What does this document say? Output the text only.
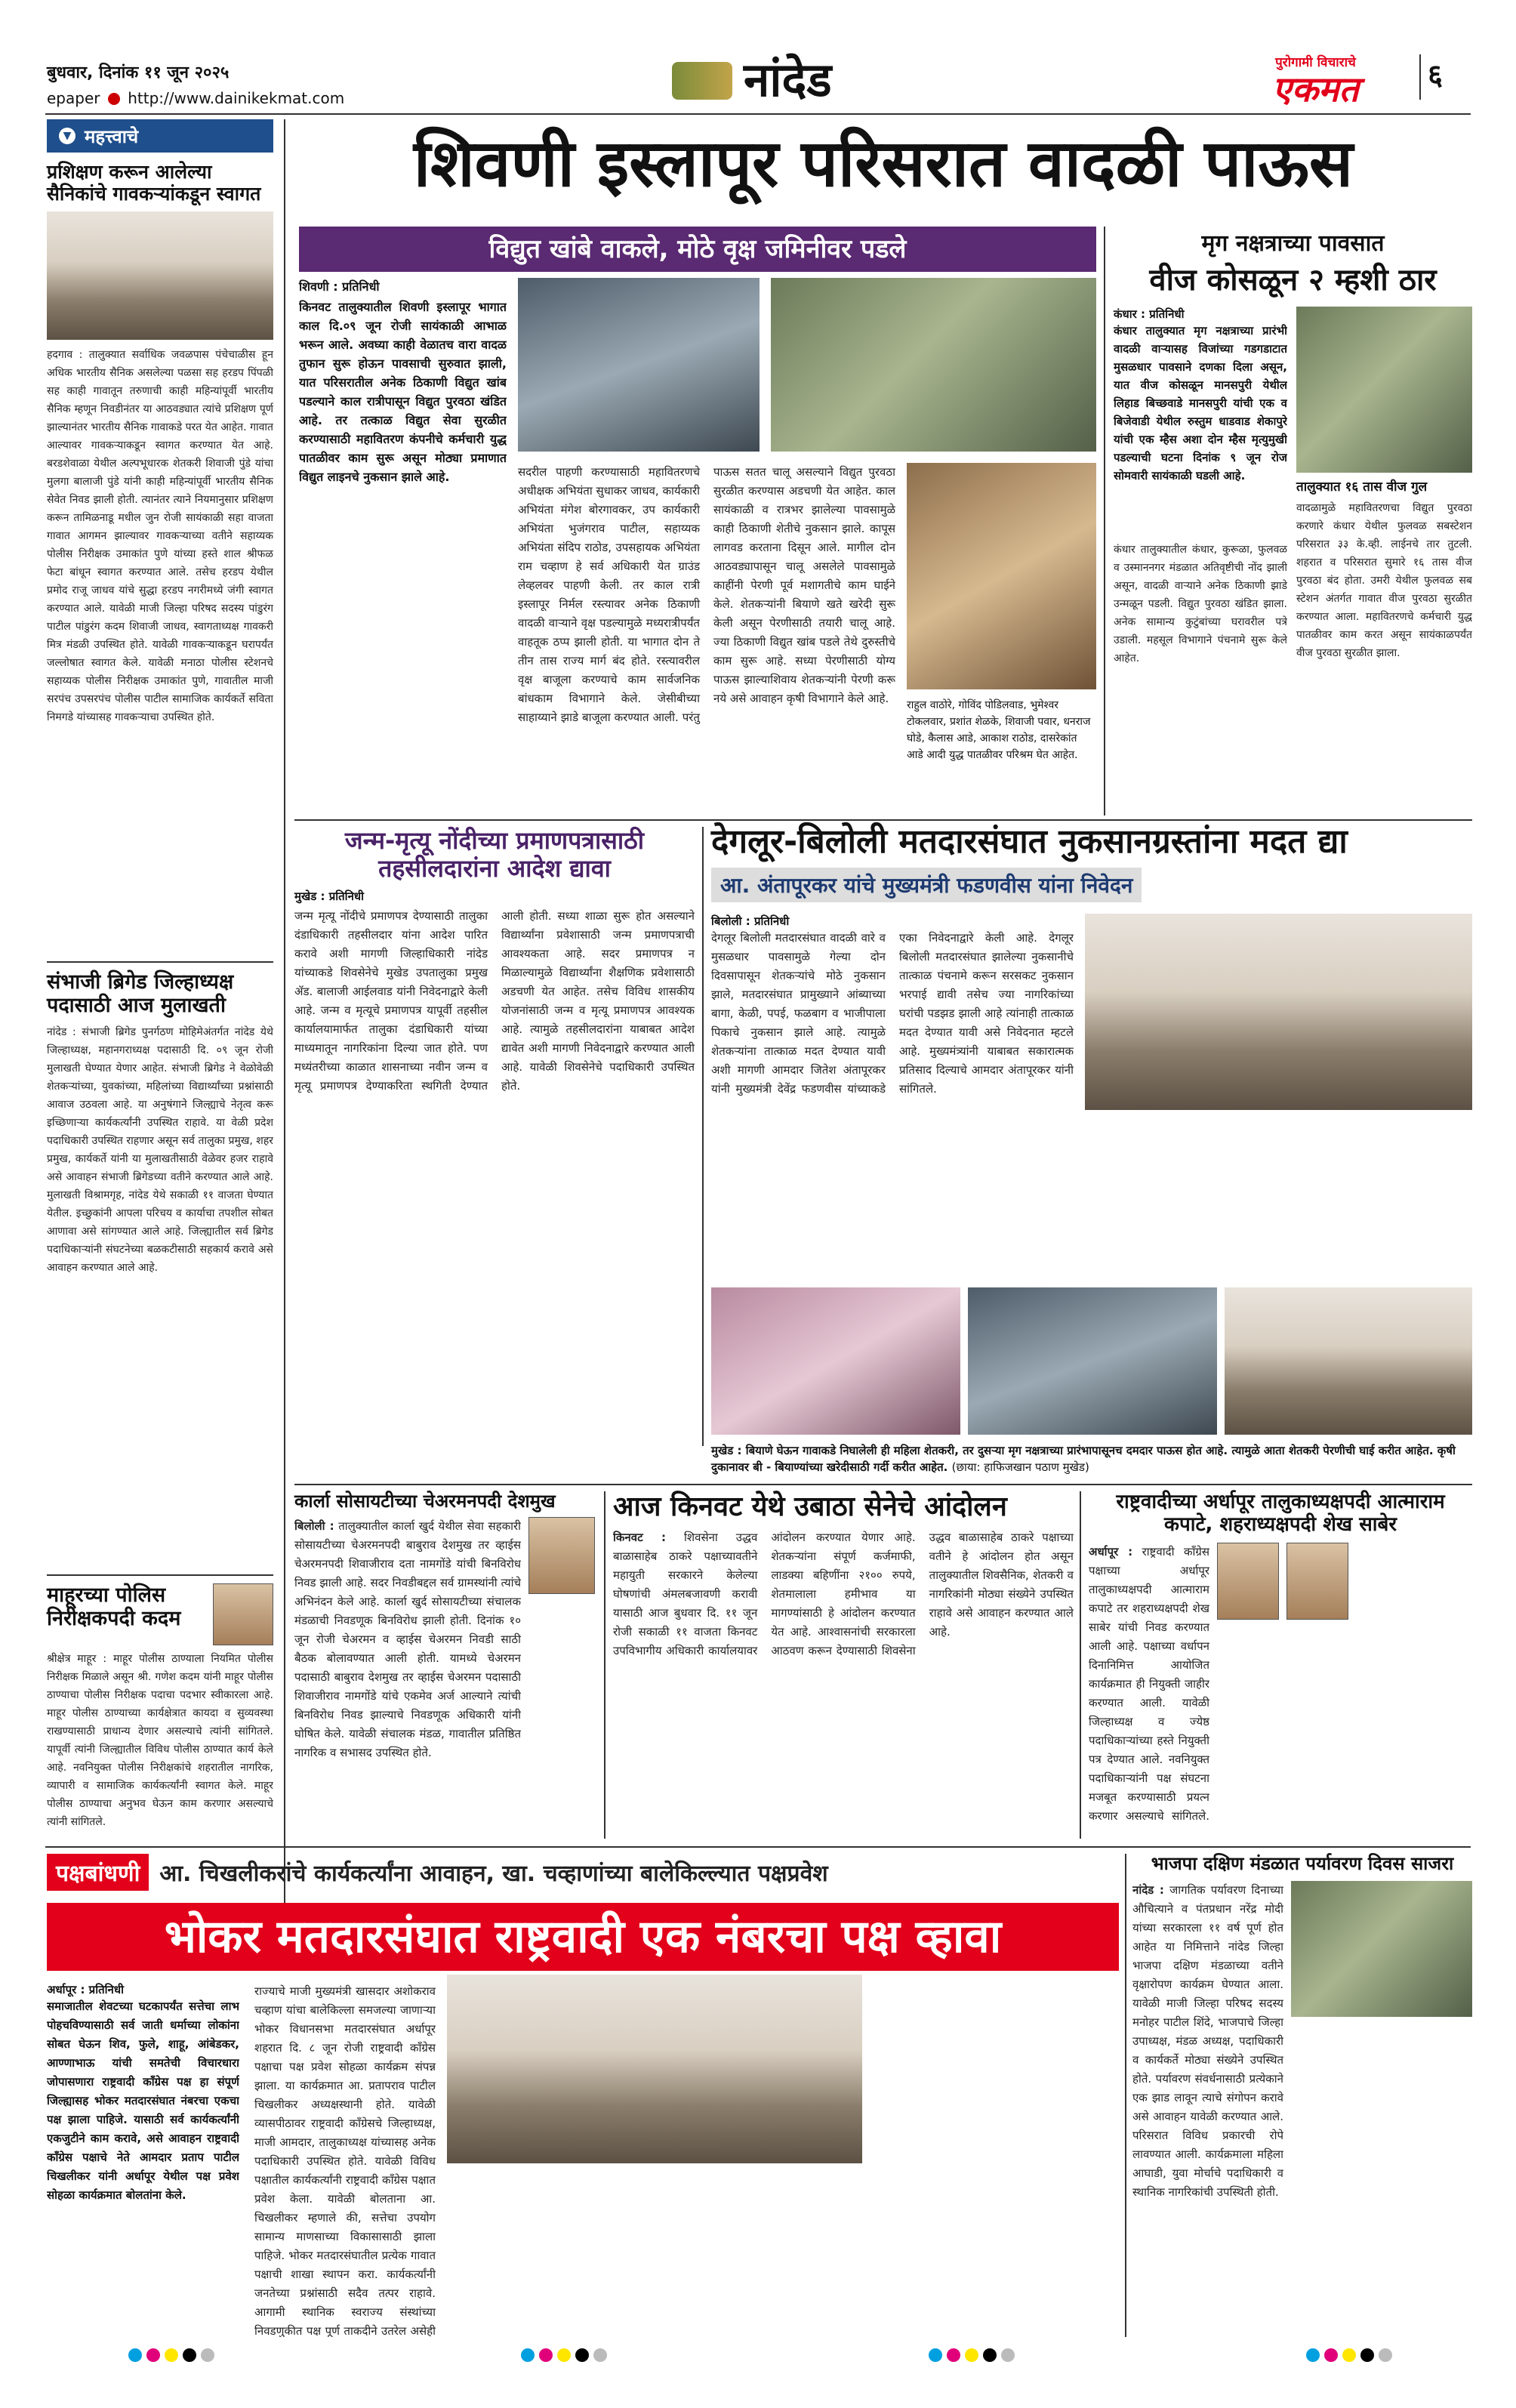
बुधवार, दिनांक ११ जून २०२५
epaper http://www.dainikekmat.com	नांदेड	पुरोगामी विचाराचे
एकमत	६
▼ महत्त्वाचे
प्रशिक्षण करून आलेल्या सैनिकांचे गावकऱ्यांकडून स्वागत
हदगाव : तालुक्यात सर्वाधिक जवळपास पंचेचाळीस हून अधिक भारतीय सैनिक असलेल्या पळसा सह हरडप पिंपळी सह काही गावातून तरुणाची काही महिन्यांपूर्वी भारतीय सैनिक म्हणून निवडीनंतर या आठवड्यात त्यांचे प्रशिक्षण पूर्ण झाल्यानंतर भारतीय सैनिक गावाकडे परत येत आहेत. गावात आल्यावर गावकऱ्याकडून स्वागत करण्यात येत आहे. बरडशेवाळा येथील अल्पभूधारक शेतकरी शिवाजी पुंडे यांचा मुलगा बालाजी पुंडे यांनी काही महिन्यांपूर्वी भारतीय सैनिक सेवेत निवड झाली होती. त्यानंतर त्याने नियमानुसार प्रशिक्षण करून तामिळनाडू मधील जुन रोजी सायंकाळी सहा वाजता गावात आगमन झाल्यावर गावकऱ्याच्या वतीने सहाय्यक पोलीस निरीक्षक उमाकांत पुणे यांच्या हस्ते शाल श्रीफळ फेटा बांधून स्वागत करण्यात आले. तसेच हरडप येथील प्रमोद राजू जाधव यांचे सुद्धा हरडप नगरीमध्ये जंगी स्वागत करण्यात आले. यावेळी माजी जिल्हा परिषद सदस्य पांडुरंग पाटील पांडुरंग कदम शिवाजी जाधव, स्वागताध्यक्ष गावकरी मित्र मंडळी उपस्थित होते. यावेळी गावकऱ्याकडून घरापर्यंत जल्लोषात स्वागत केले. यावेळी मनाठा पोलीस स्टेशनचे सहाय्यक पोलीस निरीक्षक उमाकांत पुणे, गावातील माजी सरपंच उपसरपंच पोलीस पाटील सामाजिक कार्यकर्ते सविता निमगडे यांच्यासह गावकऱ्याचा उपस्थित होते.
संभाजी ब्रिगेड जिल्हाध्यक्ष पदासाठी आज मुलाखती
नांदेड : संभाजी ब्रिगेड पुनर्गठण मोहिमेअंतर्गत नांदेड येथे जिल्हाध्यक्ष, महानगराध्यक्ष पदासाठी दि. ०९ जून रोजी मुलाखती घेण्यात येणार आहेत. संभाजी ब्रिगेड ने वेळोवेळी शेतकऱ्यांच्या, युवकांच्या, महिलांच्या विद्यार्थ्यांच्या प्रश्नांसाठी आवाज उठवला आहे. या अनुषंगाने जिल्ह्याचे नेतृत्व करू इच्छिणाऱ्या कार्यकर्त्यांनी उपस्थित राहावे. या वेळी प्रदेश पदाधिकारी उपस्थित राहणार असून सर्व तालुका प्रमुख, शहर प्रमुख, कार्यकर्ते यांनी या मुलाखतीसाठी वेळेवर हजर राहावे असे आवाहन संभाजी ब्रिगेडच्या वतीने करण्यात आले आहे. मुलाखती विश्रामगृह, नांदेड येथे सकाळी ११ वाजता घेण्यात येतील. इच्छुकांनी आपला परिचय व कार्याचा तपशील सोबत आणावा असे सांगण्यात आले आहे. जिल्ह्यातील सर्व ब्रिगेड पदाधिकाऱ्यांनी संघटनेच्या बळकटीसाठी सहकार्य करावे असे आवाहन करण्यात आले आहे.
माहूरच्या पोलिस निरीक्षकपदी कदम
श्रीक्षेत्र माहूर : माहूर पोलीस ठाण्याला नियमित पोलीस निरीक्षक मिळाले असून श्री. गणेश कदम यांनी माहूर पोलीस ठाण्याचा पोलीस निरीक्षक पदाचा पदभार स्वीकारला आहे. माहूर पोलीस ठाण्याच्या कार्यक्षेत्रात कायदा व सुव्यवस्था राखण्यासाठी प्राधान्य देणार असल्याचे त्यांनी सांगितले. यापूर्वी त्यांनी जिल्ह्यातील विविध पोलीस ठाण्यात कार्य केले आहे. नवनियुक्त पोलीस निरीक्षकांचे शहरातील नागरिक, व्यापारी व सामाजिक कार्यकर्त्यांनी स्वागत केले. माहूर पोलीस ठाण्याचा अनुभव घेऊन काम करणार असल्याचे त्यांनी सांगितले.
शिवणी इस्लापूर परिसरात वादळी पाऊस
विद्युत खांबे वाकले, मोठे वृक्ष जमिनीवर पडले
शिवणी : प्रतिनिधी
किनवट तालुक्यातील शिवणी इस्लापूर भागात काल दि.०९ जून रोजी सायंकाळी आभाळ भरून आले. अवघ्या काही वेळातच वारा वादळ तुफान सुरू होऊन पावसाची सुरुवात झाली, यात परिसरातील अनेक ठिकाणी विद्युत खांब पडल्याने काल रात्रीपासून विद्युत पुरवठा खंडित आहे. तर तत्काळ विद्युत सेवा सुरळीत करण्यासाठी महावितरण कंपनीचे कर्मचारी युद्ध पातळीवर काम सुरू असून मोठ्या प्रमाणात विद्युत लाइनचे नुकसान झाले आहे.	सदरील पाहणी करण्यासाठी महावितरणचे अधीक्षक अभियंता सुधाकर जाधव, कार्यकारी अभियंता मंगेश बोरगावकर, उप कार्यकारी अभियंता भुजंगराव पाटील, सहाय्यक अभियंता संदिप राठोड, उपसहायक अभियंता राम चव्हाण हे सर्व अधिकारी येत ग्राउंड लेव्हलवर पाहणी केली. तर काल रात्री इस्लापूर निर्मल रस्त्यावर अनेक ठिकाणी वादळी वाऱ्याने वृक्ष पडल्यामुळे मध्यरात्रीपर्यंत वाहतूक ठप्प झाली होती. या भागात दोन ते तीन तास राज्य मार्ग बंद होते. रस्त्यावरील वृक्ष बाजूला करण्याचे काम सार्वजनिक बांधकाम विभागाने केले. जेसीबीच्या साहाय्याने झाडे बाजूला करण्यात आली. परंतु पाऊस सतत चालू असल्याने विद्युत पुरवठा सुरळीत करण्यास अडचणी येत आहेत. काल सायंकाळी व रात्रभर झालेल्या पावसामुळे काही ठिकाणी शेतीचे नुकसान झाले. कापूस लागवड करताना दिसून आले. मागील दोन आठवड्यापासून चालू असलेले पावसामुळे काहींनी पेरणी पूर्व मशागतीचे काम घाईने केले. शेतकऱ्यांनी बियाणे खते खरेदी सुरू केली असून पेरणीसाठी तयारी चालू आहे. ज्या ठिकाणी विद्युत खांब पडले तेथे दुरुस्तीचे काम सुरू आहे. सध्या पेरणीसाठी योग्य पाऊस झाल्याशिवाय शेतकऱ्यांनी पेरणी करू नये असे आवाहन कृषी विभागाने केले आहे.	राहुल वाठोरे, गोविंद पोडिलवाड, भुमेश्वर टोकलवार, प्रशांत शेळके, शिवाजी पवार, धनराज घोडे, कैलास आडे, आकाश राठोड, दासरेकांत आडे आदी युद्ध पातळीवर परिश्रम घेत आहेत.
मृग नक्षत्राच्या पावसात
वीज कोसळून २ म्हशी ठार
कंधार : प्रतिनिधी
कंधार तालुक्यात मृग नक्षत्राच्या प्रारंभी वादळी वाऱ्यासह विजांच्या गडगडाटात मुसळधार पावसाने दणका दिला असून, यात वीज कोसळून मानसपुरी येथील लिहाड बिच्छवाडे मानसपुरी यांची एक व बिजेवाडी येथील रुस्तुम धाडवाड शेकापुरे यांची एक म्हैस अशा दोन म्हैस मृत्युमुखी पडल्याची घटना दिनांक ९ जून रोज सोमवारी सायंकाळी घडली आहे.
कंधार तालुक्यातील कंधार, कुरूळा, फुलवळ व उस्माननगर मंडळात अतिवृष्टीची नोंद झाली असून, वादळी वाऱ्याने अनेक ठिकाणी झाडे उन्मळून पडली. विद्युत पुरवठा खंडित झाला. अनेक सामान्य कुटुंबांच्या घरावरील पत्रे उडाली. महसूल विभागाने पंचनामे सुरू केले आहेत.
तालुक्यात १६ तास वीज गुल
वादळामुळे महावितरणचा विद्युत पुरवठा करणारे कंधार येथील फुलवळ सबस्टेशन परिसरात ३३ के.व्ही. लाईनचे तार तुटली. शहरात व परिसरात सुमारे १६ तास वीज पुरवठा बंद होता. उमरी येथील फुलवळ सब स्टेशन अंतर्गत गावात वीज पुरवठा सुरळीत करण्यात आला. महावितरणचे कर्मचारी युद्ध पातळीवर काम करत असून सायंकाळपर्यंत वीज पुरवठा सुरळीत झाला.
जन्म-मृत्यू नोंदीच्या प्रमाणपत्रासाठी तहसीलदारांना आदेश द्यावा
मुखेड : प्रतिनिधी
जन्म मृत्यू नोंदीचे प्रमाणपत्र देण्यासाठी तालुका दंडाधिकारी तहसीलदार यांना आदेश पारित करावे अशी मागणी जिल्हाधिकारी नांदेड यांच्याकडे शिवसेनेचे मुखेड उपतालुका प्रमुख ॲड. बालाजी आईलवाड यांनी निवेदनाद्वारे केली आहे. जन्म व मृत्यूचे प्रमाणपत्र यापूर्वी तहसील कार्यालयामार्फत तालुका दंडाधिकारी यांच्या माध्यमातून नागरिकांना दिल्या जात होते. पण मध्यंतरीच्या काळात शासनाच्या नवीन जन्म व मृत्यू प्रमाणपत्र देण्याकरिता स्थगिती देण्यात आली होती. सध्या शाळा सुरू होत असल्याने विद्यार्थ्यांना प्रवेशासाठी जन्म प्रमाणपत्राची आवश्यकता आहे. सदर प्रमाणपत्र न मिळाल्यामुळे विद्यार्थ्यांना शैक्षणिक प्रवेशासाठी अडचणी येत आहेत. तसेच विविध शासकीय योजनांसाठी जन्म व मृत्यू प्रमाणपत्र आवश्यक आहे. त्यामुळे तहसीलदारांना याबाबत आदेश द्यावेत अशी मागणी निवेदनाद्वारे करण्यात आली आहे. यावेळी शिवसेनेचे पदाधिकारी उपस्थित होते.
देगलूर-बिलोली मतदारसंघात नुकसानग्रस्तांना मदत द्या
आ. अंतापूरकर यांचे मुख्यमंत्री फडणवीस यांना निवेदन
बिलोली : प्रतिनिधी
देगलूर बिलोली मतदारसंघात वादळी वारे व मुसळधार पावसामुळे गेल्या दोन दिवसापासून शेतकऱ्यांचे मोठे नुकसान झाले, मतदारसंघात प्रामुख्याने आंब्याच्या बागा, केळी, पपई, फळबाग व भाजीपाला पिकाचे नुकसान झाले आहे. त्यामुळे शेतकऱ्यांना तात्काळ मदत देण्यात यावी अशी मागणी आमदार जितेश अंतापूरकर यांनी मुख्यमंत्री देवेंद्र फडणवीस यांच्याकडे एका निवेदनाद्वारे केली आहे. देगलूर बिलोली मतदारसंघात झालेल्या नुकसानीचे तात्काळ पंचनामे करून सरसकट नुकसान भरपाई द्यावी तसेच ज्या नागरिकांच्या घरांची पडझड झाली आहे त्यांनाही तात्काळ मदत देण्यात यावी असे निवेदनात म्हटले आहे. मुख्यमंत्र्यांनी याबाबत सकारात्मक प्रतिसाद दिल्याचे आमदार अंतापूरकर यांनी सांगितले.
मुखेड : बियाणे घेऊन गावाकडे निघालेली ही महिला शेतकरी, तर दुसऱ्या मृग नक्षत्राच्या प्रारंभापासूनच दमदार पाऊस होत आहे. त्यामुळे आता शेतकरी पेरणीची घाई करीत आहेत. कृषी दुकानावर बी - बियाण्यांच्या खरेदीसाठी गर्दी करीत आहेत. (छाया: हाफिजखान पठाण मुखेड)
कार्ला सोसायटीच्या चेअरमनपदी देशमुख
बिलोली : तालुक्यातील कार्ला खुर्द येथील सेवा सहकारी सोसायटीच्या चेअरमनपदी बाबुराव देशमुख तर व्हाईस चेअरमनपदी शिवाजीराव दता नामगोंडे यांची बिनविरोध निवड झाली आहे. सदर निवडीबद्दल सर्व ग्रामस्थांनी त्यांचे अभिनंदन केले आहे. कार्ला खुर्द सोसायटीच्या संचालक मंडळाची निवडणूक बिनविरोध झाली होती. दिनांक १० जून रोजी चेअरमन व व्हाईस चेअरमन निवडी साठी बैठक बोलावण्यात आली होती. यामध्ये चेअरमन पदासाठी बाबुराव देशमुख तर व्हाईस चेअरमन पदासाठी शिवाजीराव नामगोंडे यांचे एकमेव अर्ज आल्याने त्यांची बिनविरोध निवड झाल्याचे निवडणूक अधिकारी यांनी घोषित केले. यावेळी संचालक मंडळ, गावातील प्रतिष्ठित नागरिक व सभासद उपस्थित होते.
आज किनवट येथे उबाठा सेनेचे आंदोलन
किनवट : शिवसेना उद्धव बाळासाहेब ठाकरे पक्षाच्यावतीने महायुती सरकारने केलेल्या घोषणांची अंमलबजावणी करावी यासाठी आज बुधवार दि. ११ जून रोजी सकाळी ११ वाजता किनवट उपविभागीय अधिकारी कार्यालयावर आंदोलन करण्यात येणार आहे. शेतकऱ्यांना संपूर्ण कर्जमाफी, लाडक्या बहिणींना २१०० रुपये, शेतमालाला हमीभाव या मागण्यांसाठी हे आंदोलन करण्यात येत आहे. आश्वासनांची सरकारला आठवण करून देण्यासाठी शिवसेना उद्धव बाळासाहेब ठाकरे पक्षाच्या वतीने हे आंदोलन होत असून तालुक्यातील शिवसैनिक, शेतकरी व नागरिकांनी मोठ्या संख्येने उपस्थित राहावे असे आवाहन करण्यात आले आहे.
राष्ट्रवादीच्या अर्धापूर तालुकाध्यक्षपदी आत्माराम कपाटे, शहराध्यक्षपदी शेख साबेर
अर्धापूर : राष्ट्रवादी काँग्रेस पक्षाच्या अर्धापूर तालुकाध्यक्षपदी आत्माराम कपाटे तर शहराध्यक्षपदी शेख साबेर यांची निवड करण्यात आली आहे. पक्षाच्या वर्धापन दिनानिमित्त आयोजित कार्यक्रमात ही नियुक्ती जाहीर करण्यात आली. यावेळी जिल्हाध्यक्ष व ज्येष्ठ पदाधिकाऱ्यांच्या हस्ते नियुक्ती पत्र देण्यात आले. नवनियुक्त पदाधिकाऱ्यांनी पक्ष संघटना मजबूत करण्यासाठी प्रयत्न करणार असल्याचे सांगितले.
पक्षबांधणी आ. चिखलीकरांचे कार्यकर्त्यांना आवाहन, खा. चव्हाणांच्या बालेकिल्ल्यात पक्षप्रवेश
भोकर मतदारसंघात राष्ट्रवादी एक नंबरचा पक्ष व्हावा
अर्धापूर : प्रतिनिधी
समाजातील शेवटच्या घटकापर्यंत सत्तेचा लाभ पोहचविण्यासाठी सर्व जाती धर्माच्या लोकांना सोबत घेऊन शिव, फुले, शाहू, आंबेडकर, आण्णाभाऊ यांची समतेची विचारधारा जोपासणारा राष्ट्रवादी काँग्रेस पक्ष हा संपूर्ण जिल्ह्यासह भोकर मतदारसंघात नंबरचा एकचा पक्ष झाला पाहिजे. यासाठी सर्व कार्यकर्त्यांनी एकजुटीने काम करावे, असे आवाहन राष्ट्रवादी काँग्रेस पक्षाचे नेते आमदार प्रताप पाटील चिखलीकर यांनी अर्धापूर येथील पक्ष प्रवेश सोहळा कार्यक्रमात बोलतांना केले.
राज्याचे माजी मुख्यमंत्री खासदार अशोकराव चव्हाण यांचा बालेकिल्ला समजल्या जाणाऱ्या भोकर विधानसभा मतदारसंघात अर्धापूर शहरात दि. ८ जून रोजी राष्ट्रवादी काँग्रेस पक्षाचा पक्ष प्रवेश सोहळा कार्यक्रम संपन्न झाला. या कार्यक्रमात आ. प्रतापराव पाटील चिखलीकर अध्यक्षस्थानी होते. यावेळी व्यासपीठावर राष्ट्रवादी काँग्रेसचे जिल्हाध्यक्ष, माजी आमदार, तालुकाध्यक्ष यांच्यासह अनेक पदाधिकारी उपस्थित होते. यावेळी विविध पक्षातील कार्यकर्त्यांनी राष्ट्रवादी काँग्रेस पक्षात प्रवेश केला. यावेळी बोलताना आ. चिखलीकर म्हणाले की, सत्तेचा उपयोग सामान्य माणसाच्या विकासासाठी झाला पाहिजे. भोकर मतदारसंघातील प्रत्येक गावात पक्षाची शाखा स्थापन करा. कार्यकर्त्यांनी जनतेच्या प्रश्नांसाठी सदैव तत्पर राहावे. आगामी स्थानिक स्वराज्य संस्थांच्या निवडणुकीत पक्ष पूर्ण ताकदीने उतरेल असेही
भाजपा दक्षिण मंडळात पर्यावरण दिवस साजरा
नांदेड : जागतिक पर्यावरण दिनाच्या औचित्याने व पंतप्रधान नरेंद्र मोदी यांच्या सरकारला ११ वर्ष पूर्ण होत आहेत या निमित्ताने नांदेड जिल्हा भाजपा दक्षिण मंडळाच्या वतीने वृक्षारोपण कार्यक्रम घेण्यात आला. यावेळी माजी जिल्हा परिषद सदस्य मनोहर पाटील शिंदे, भाजपाचे जिल्हा उपाध्यक्ष, मंडळ अध्यक्ष, पदाधिकारी व कार्यकर्ते मोठ्या संख्येने उपस्थित होते. पर्यावरण संवर्धनासाठी प्रत्येकाने एक झाड लावून त्याचे संगोपन करावे असे आवाहन यावेळी करण्यात आले. परिसरात विविध प्रकारची रोपे लावण्यात आली. कार्यक्रमाला महिला आघाडी, युवा मोर्चाचे पदाधिकारी व स्थानिक नागरिकांची उपस्थिती होती.
